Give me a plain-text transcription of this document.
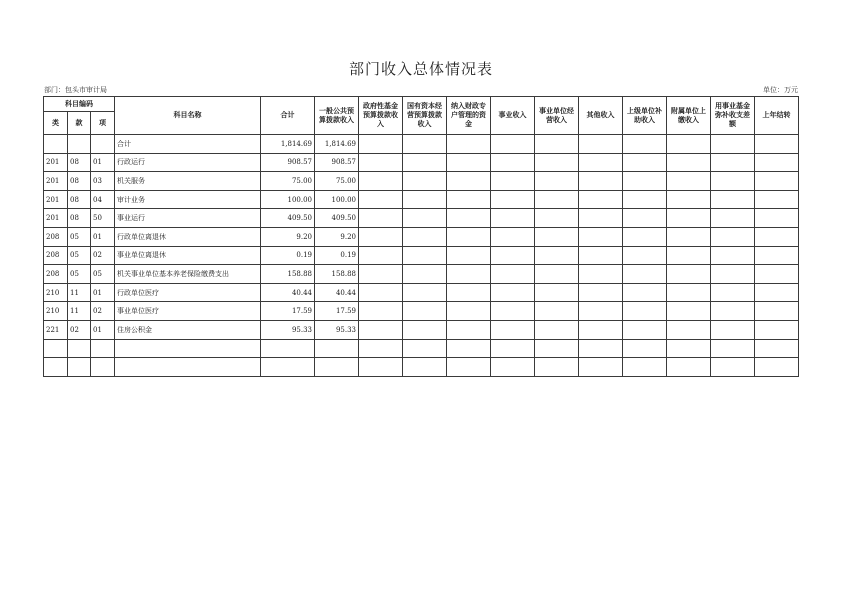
部门收入总体情况表
部门：包头市审计局	单位：万元
科目编码			科目名称	合计	一般公共预算拨款收入	政府性基金预算拨款收入	国有资本经营预算拨款收入	纳入财政专户管理的资金	事业收入	事业单位经营收入	其他收入	上级单位补助收入	附属单位上缴收入	用事业基金弥补收支差额	上年结转
类	款	项													
			合计	1,814.69	1,814.69										
201	08	01	行政运行	908.57	908.57										
201	08	03	机关服务	75.00	75.00										
201	08	04	审计业务	100.00	100.00										
201	08	50	事业运行	409.50	409.50										
208	05	01	行政单位离退休	9.20	9.20										
208	05	02	事业单位离退休	0.19	0.19										
208	05	05	机关事业单位基本养老保险缴费支出	158.88	158.88										
210	11	01	行政单位医疗	40.44	40.44										
210	11	02	事业单位医疗	17.59	17.59										
221	02	01	住房公积金	95.33	95.33										
